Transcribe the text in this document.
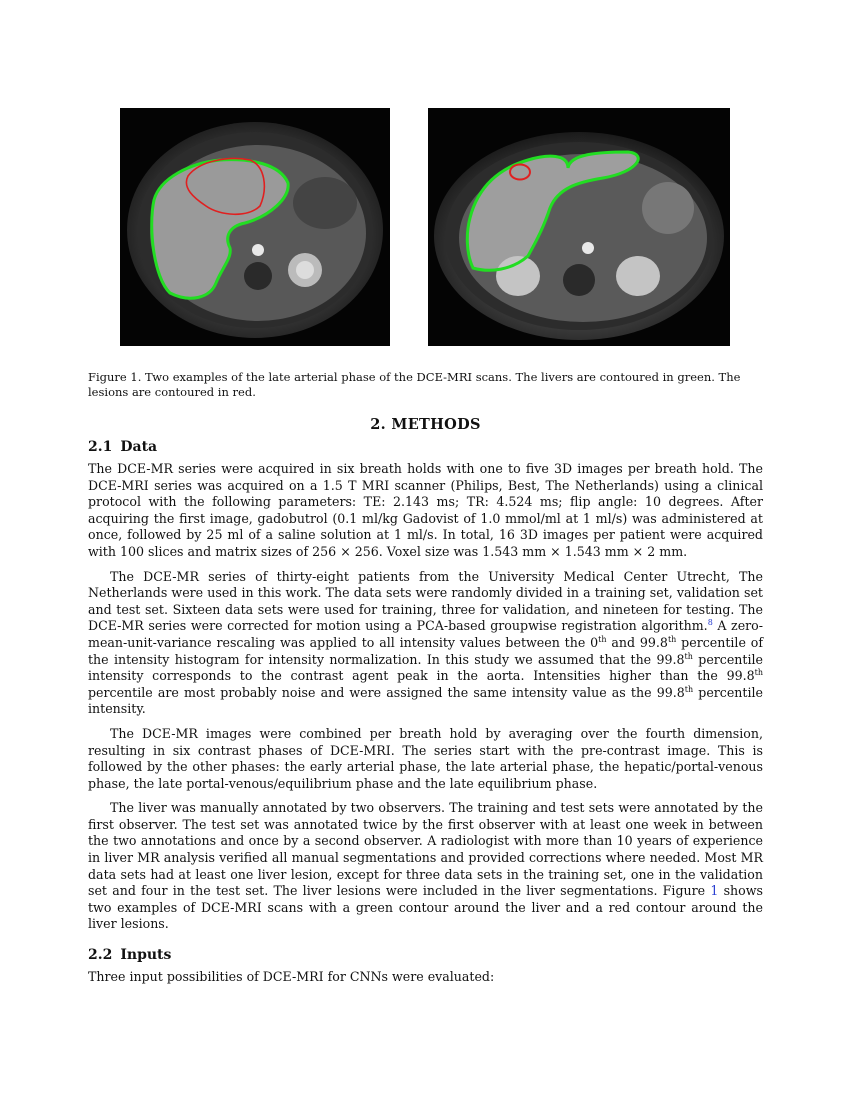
Figure 1. Two examples of the late arterial phase of the DCE-MRI scans. The livers are contoured in green. The lesions are contoured in red.
2. METHODS
2.1 Data

The DCE-MR series were acquired in six breath holds with one to five 3D images per breath hold. The DCE-MRI series was acquired on a 1.5 T MRI scanner (Philips, Best, The Netherlands) using a clinical protocol with the following parameters: TE: 2.143 ms; TR: 4.524 ms; flip angle: 10 degrees. After acquiring the first image, gadobutrol (0.1 ml/kg Gadovist of 1.0 mmol/ml at 1 ml/s) was administered at once, followed by 25 ml of a saline solution at 1 ml/s. In total, 16 3D images per patient were acquired with 100 slices and matrix sizes of 256 × 256. Voxel size was 1.543 mm × 1.543 mm × 2 mm.

The DCE-MR series of thirty-eight patients from the University Medical Center Utrecht, The Netherlands were used in this work. The data sets were randomly divided in a training set, validation set and test set. Sixteen data sets were used for training, three for validation, and nineteen for testing. The DCE-MR series were corrected for motion using a PCA-based groupwise registration algorithm.$^8$ A zero-mean-unit-variance rescaling was applied to all intensity values between the 0th and 99.8th percentile of the intensity histogram for intensity normalization. In this study we assumed that the 99.8th percentile intensity corresponds to the contrast agent peak in the aorta. Intensities higher than the 99.8th percentile are most probably noise and were assigned the same intensity value as the 99.8th percentile intensity.

The DCE-MR images were combined per breath hold by averaging over the fourth dimension, resulting in six contrast phases of DCE-MRI. The series start with the pre-contrast image. This is followed by the other phases: the early arterial phase, the late arterial phase, the hepatic/portal-venous phase, the late portal-venous/equilibrium phase and the late equilibrium phase.

The liver was manually annotated by two observers. The training and test sets were annotated by the first observer. The test set was annotated twice by the first observer with at least one week in between the two annotations and once by a second observer. A radiologist with more than 10 years of experience in liver MR analysis verified all manual segmentations and provided corrections where needed. Most MR data sets had at least one liver lesion, except for three data sets in the training set, one in the validation set and four in the test set. The liver lesions were included in the liver segmentations. Figure 1 shows two examples of DCE-MRI scans with a green contour around the liver and a red contour around the liver lesions.

2.2 Inputs

Three input possibilities of DCE-MRI for CNNs were evaluated:
